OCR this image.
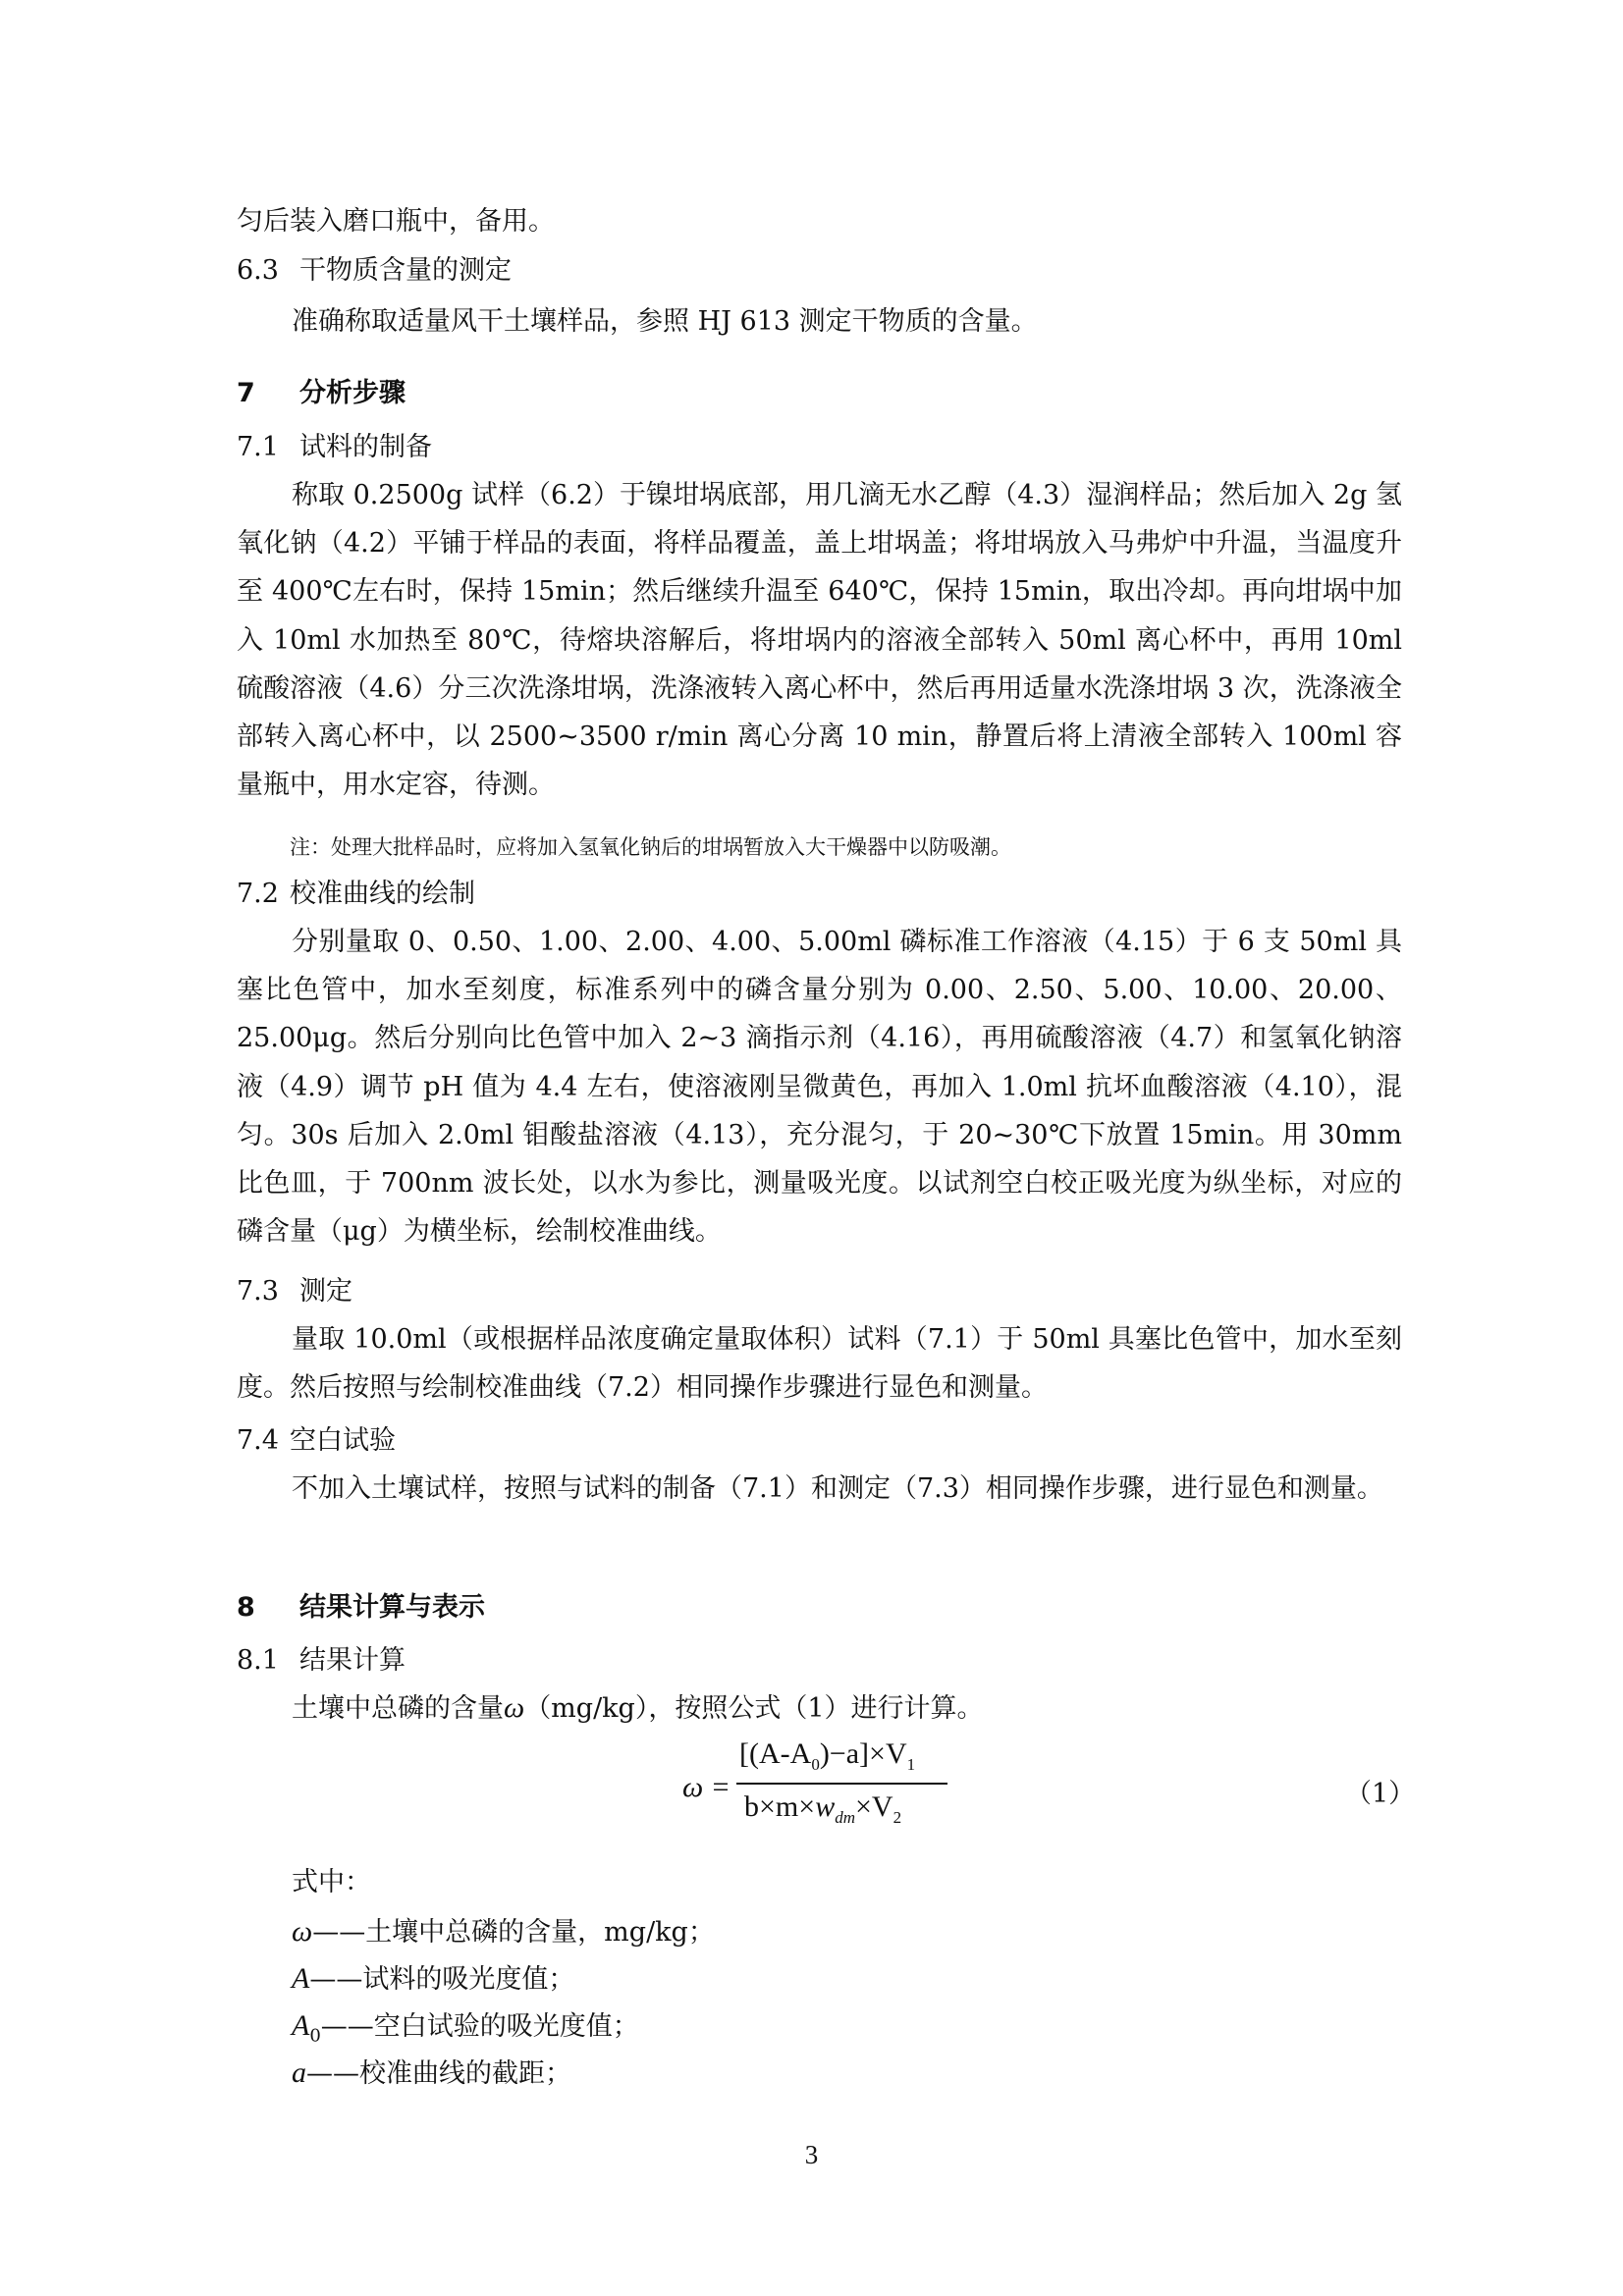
匀后装入磨口瓶中，备用。
6.3 干物质含量的测定
准确称取适量风干土壤样品，参照 HJ 613 测定干物质的含量。
7 分析步骤
7.1 试料的制备
称取 0.2500g 试样（6.2）于镍坩埚底部，用几滴无水乙醇（4.3）湿润样品；然后加入 2g 氢氧化钠（4.2）平铺于样品的表面，将样品覆盖，盖上坩埚盖；将坩埚放入马弗炉中升温，当温度升至 400℃左右时，保持 15min；然后继续升温至 640℃，保持 15min，取出冷却。再向坩埚中加入 10ml 水加热至 80℃，待熔块溶解后，将坩埚内的溶液全部转入 50ml 离心杯中，再用 10ml 硫酸溶液（4.6）分三次洗涤坩埚，洗涤液转入离心杯中，然后再用适量水洗涤坩埚 3 次，洗涤液全部转入离心杯中，以 2500~3500 r/min 离心分离 10 min，静置后将上清液全部转入 100ml 容量瓶中，用水定容，待测。
注：处理大批样品时，应将加入氢氧化钠后的坩埚暂放入大干燥器中以防吸潮。
7.2 校准曲线的绘制
分别量取 0、0.50、1.00、2.00、4.00、5.00ml 磷标准工作溶液（4.15）于 6 支 50ml 具塞比色管中，加水至刻度，标准系列中的磷含量分别为 0.00、2.50、5.00、10.00、20.00、25.00μg。然后分别向比色管中加入 2~3 滴指示剂（4.16），再用硫酸溶液（4.7）和氢氧化钠溶液（4.9）调节 pH 值为 4.4 左右，使溶液刚呈微黄色，再加入 1.0ml 抗坏血酸溶液（4.10），混匀。30s 后加入 2.0ml 钼酸盐溶液（4.13），充分混匀，于 20~30℃下放置 15min。用 30mm 比色皿，于 700nm 波长处，以水为参比，测量吸光度。以试剂空白校正吸光度为纵坐标，对应的磷含量（μg）为横坐标，绘制校准曲线。
7.3 测定
量取 10.0ml（或根据样品浓度确定量取体积）试料（7.1）于 50ml 具塞比色管中，加水至刻度。然后按照与绘制校准曲线（7.2）相同操作步骤进行显色和测量。
7.4 空白试验
不加入土壤试样，按照与试料的制备（7.1）和测定（7.3）相同操作步骤，进行显色和测量。
8 结果计算与表示
8.1 结果计算
土壤中总磷的含量ω（mg/kg），按照公式（1）进行计算。
ω =
$[(A-A_0)-a]\times V_1$
$b\times m\times w_{dm}\times V_2$
（1）
式中：
ω——土壤中总磷的含量，mg/kg；
A——试料的吸光度值；
$A_0——$空白试验的吸光度值；
a——校准曲线的截距；
3
